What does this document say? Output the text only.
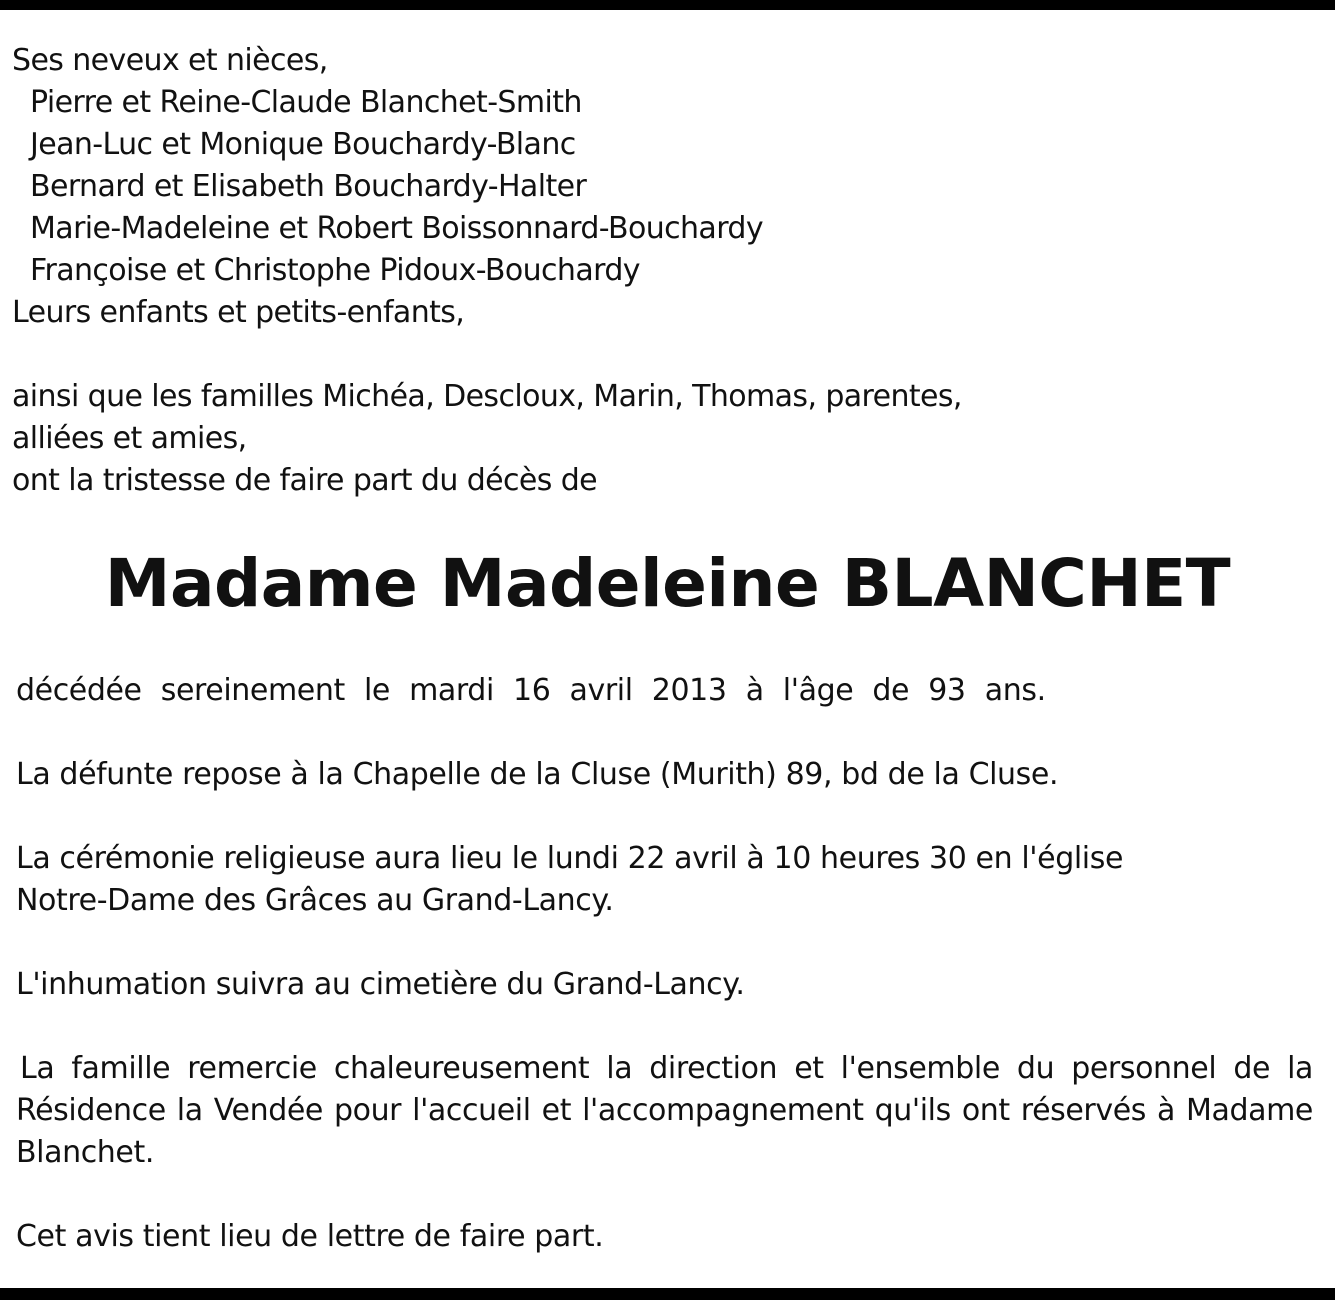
Ses neveux et nièces,
Pierre et Reine-Claude Blanchet-Smith
Jean-Luc et Monique Bouchardy-Blanc
Bernard et Elisabeth Bouchardy-Halter
Marie-Madeleine et Robert Boissonnard-Bouchardy
Françoise et Christophe Pidoux-Bouchardy
Leurs enfants et petits-enfants,
ainsi que les familles Michéa, Descloux, Marin, Thomas, parentes,
alliées et amies,
ont la tristesse de faire part du décès de
Madame Madeleine BLANCHET

décédée sereinement le mardi 16 avril 2013 à l'âge de 93 ans.

La défunte repose à la Chapelle de la Cluse (Murith) 89, bd de la Cluse.

La cérémonie religieuse aura lieu le lundi 22 avril à 10 heures 30 en l'église
Notre-Dame des Grâces au Grand-Lancy.

L'inhumation suivra au cimetière du Grand-Lancy.

La famille remercie chaleureusement la direction et l'ensemble du personnel de la Résidence la Vendée pour l'accueil et l'accompagnement qu'ils ont réservés à Madame Blanchet.

Cet avis tient lieu de lettre de faire part.
